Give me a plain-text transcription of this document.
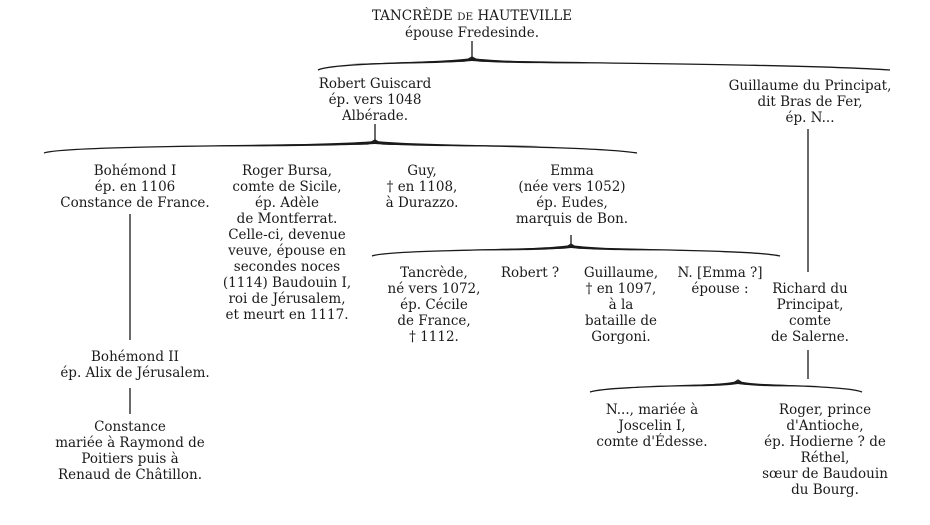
TANCRÈDE DE HAUTEVILLE
épouse Fredesinde.
Robert Guiscard
ép. vers 1048
Albérade.
Guillaume du Principat,
dit Bras de Fer,
ép. N...
Bohémond I
ép. en 1106
Constance de France.
Roger Bursa,
comte de Sicile,
ép. Adèle
de Montferrat.
Celle-ci, devenue
veuve, épouse en
secondes noces
(1114) Baudouin I,
roi de Jérusalem,
et meurt en 1117.
Guy,
† en 1108,
à Durazzo.
Emma
(née vers 1052)
ép. Eudes,
marquis de Bon.
Tancrède,
né vers 1072,
ép. Cécile
de France,
† 1112.
Robert ?	Guillaume,
† en 1097,
à la
bataille de
Gorgoni.
N. [Emma ?]
épouse :	Richard du
Principat,
comte
de Salerne.
Bohémond II
ép. Alix de Jérusalem.
Constance
mariée à Raymond de
Poitiers puis à
Renaud de Châtillon.
N..., mariée à
Joscelin I,
comte d'Édesse.
Roger, prince
d'Antioche,
ép. Hodierne ? de
Réthel,
sœur de Baudouin
du Bourg.
